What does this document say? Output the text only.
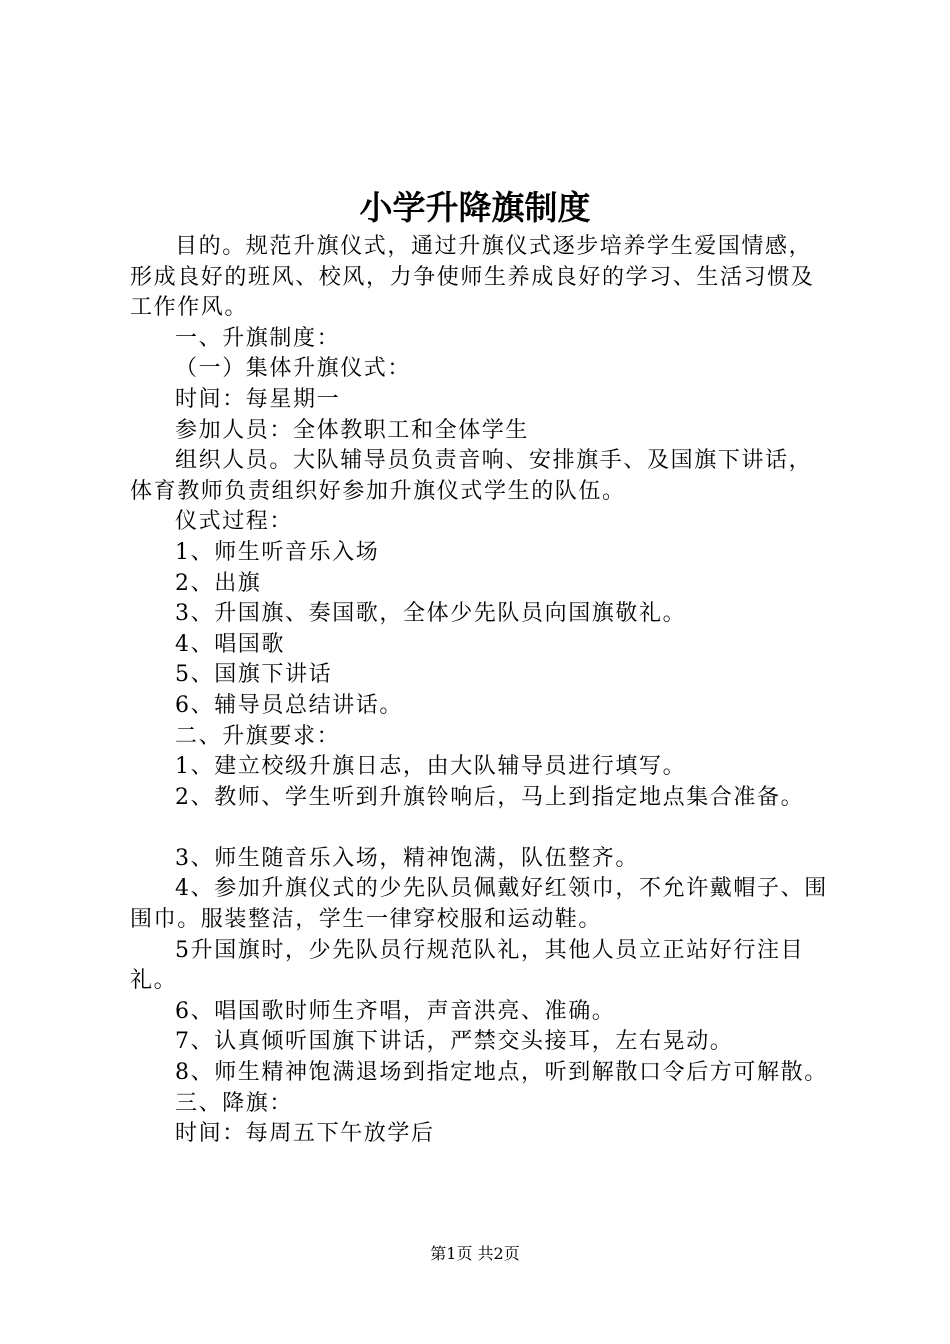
小学升降旗制度

目的。规范升旗仪式，通过升旗仪式逐步培养学生爱国情感，形成良好的班风、校风，力争使师生养成良好的学习、生活习惯及工作作风。

一、升旗制度：

（一）集体升旗仪式：

时间：每星期一

参加人员：全体教职工和全体学生

组织人员。大队辅导员负责音响、安排旗手、及国旗下讲话，体育教师负责组织好参加升旗仪式学生的队伍。

仪式过程：

1、师生听音乐入场

2、出旗

3、升国旗、奏国歌，全体少先队员向国旗敬礼。

4、唱国歌

5、国旗下讲话

6、辅导员总结讲话。

二、升旗要求：

1、建立校级升旗日志，由大队辅导员进行填写。

2、教师、学生听到升旗铃响后，马上到指定地点集合准备。

3、师生随音乐入场，精神饱满，队伍整齐。

4、参加升旗仪式的少先队员佩戴好红领巾，不允许戴帽子、围围巾。服装整洁，学生一律穿校服和运动鞋。

5升国旗时，少先队员行规范队礼，其他人员立正站好行注目礼。

6、唱国歌时师生齐唱，声音洪亮、准确。

7、认真倾听国旗下讲话，严禁交头接耳，左右晃动。

8、师生精神饱满退场到指定地点，听到解散口令后方可解散。

三、降旗：

时间：每周五下午放学后

第1页 共2页
